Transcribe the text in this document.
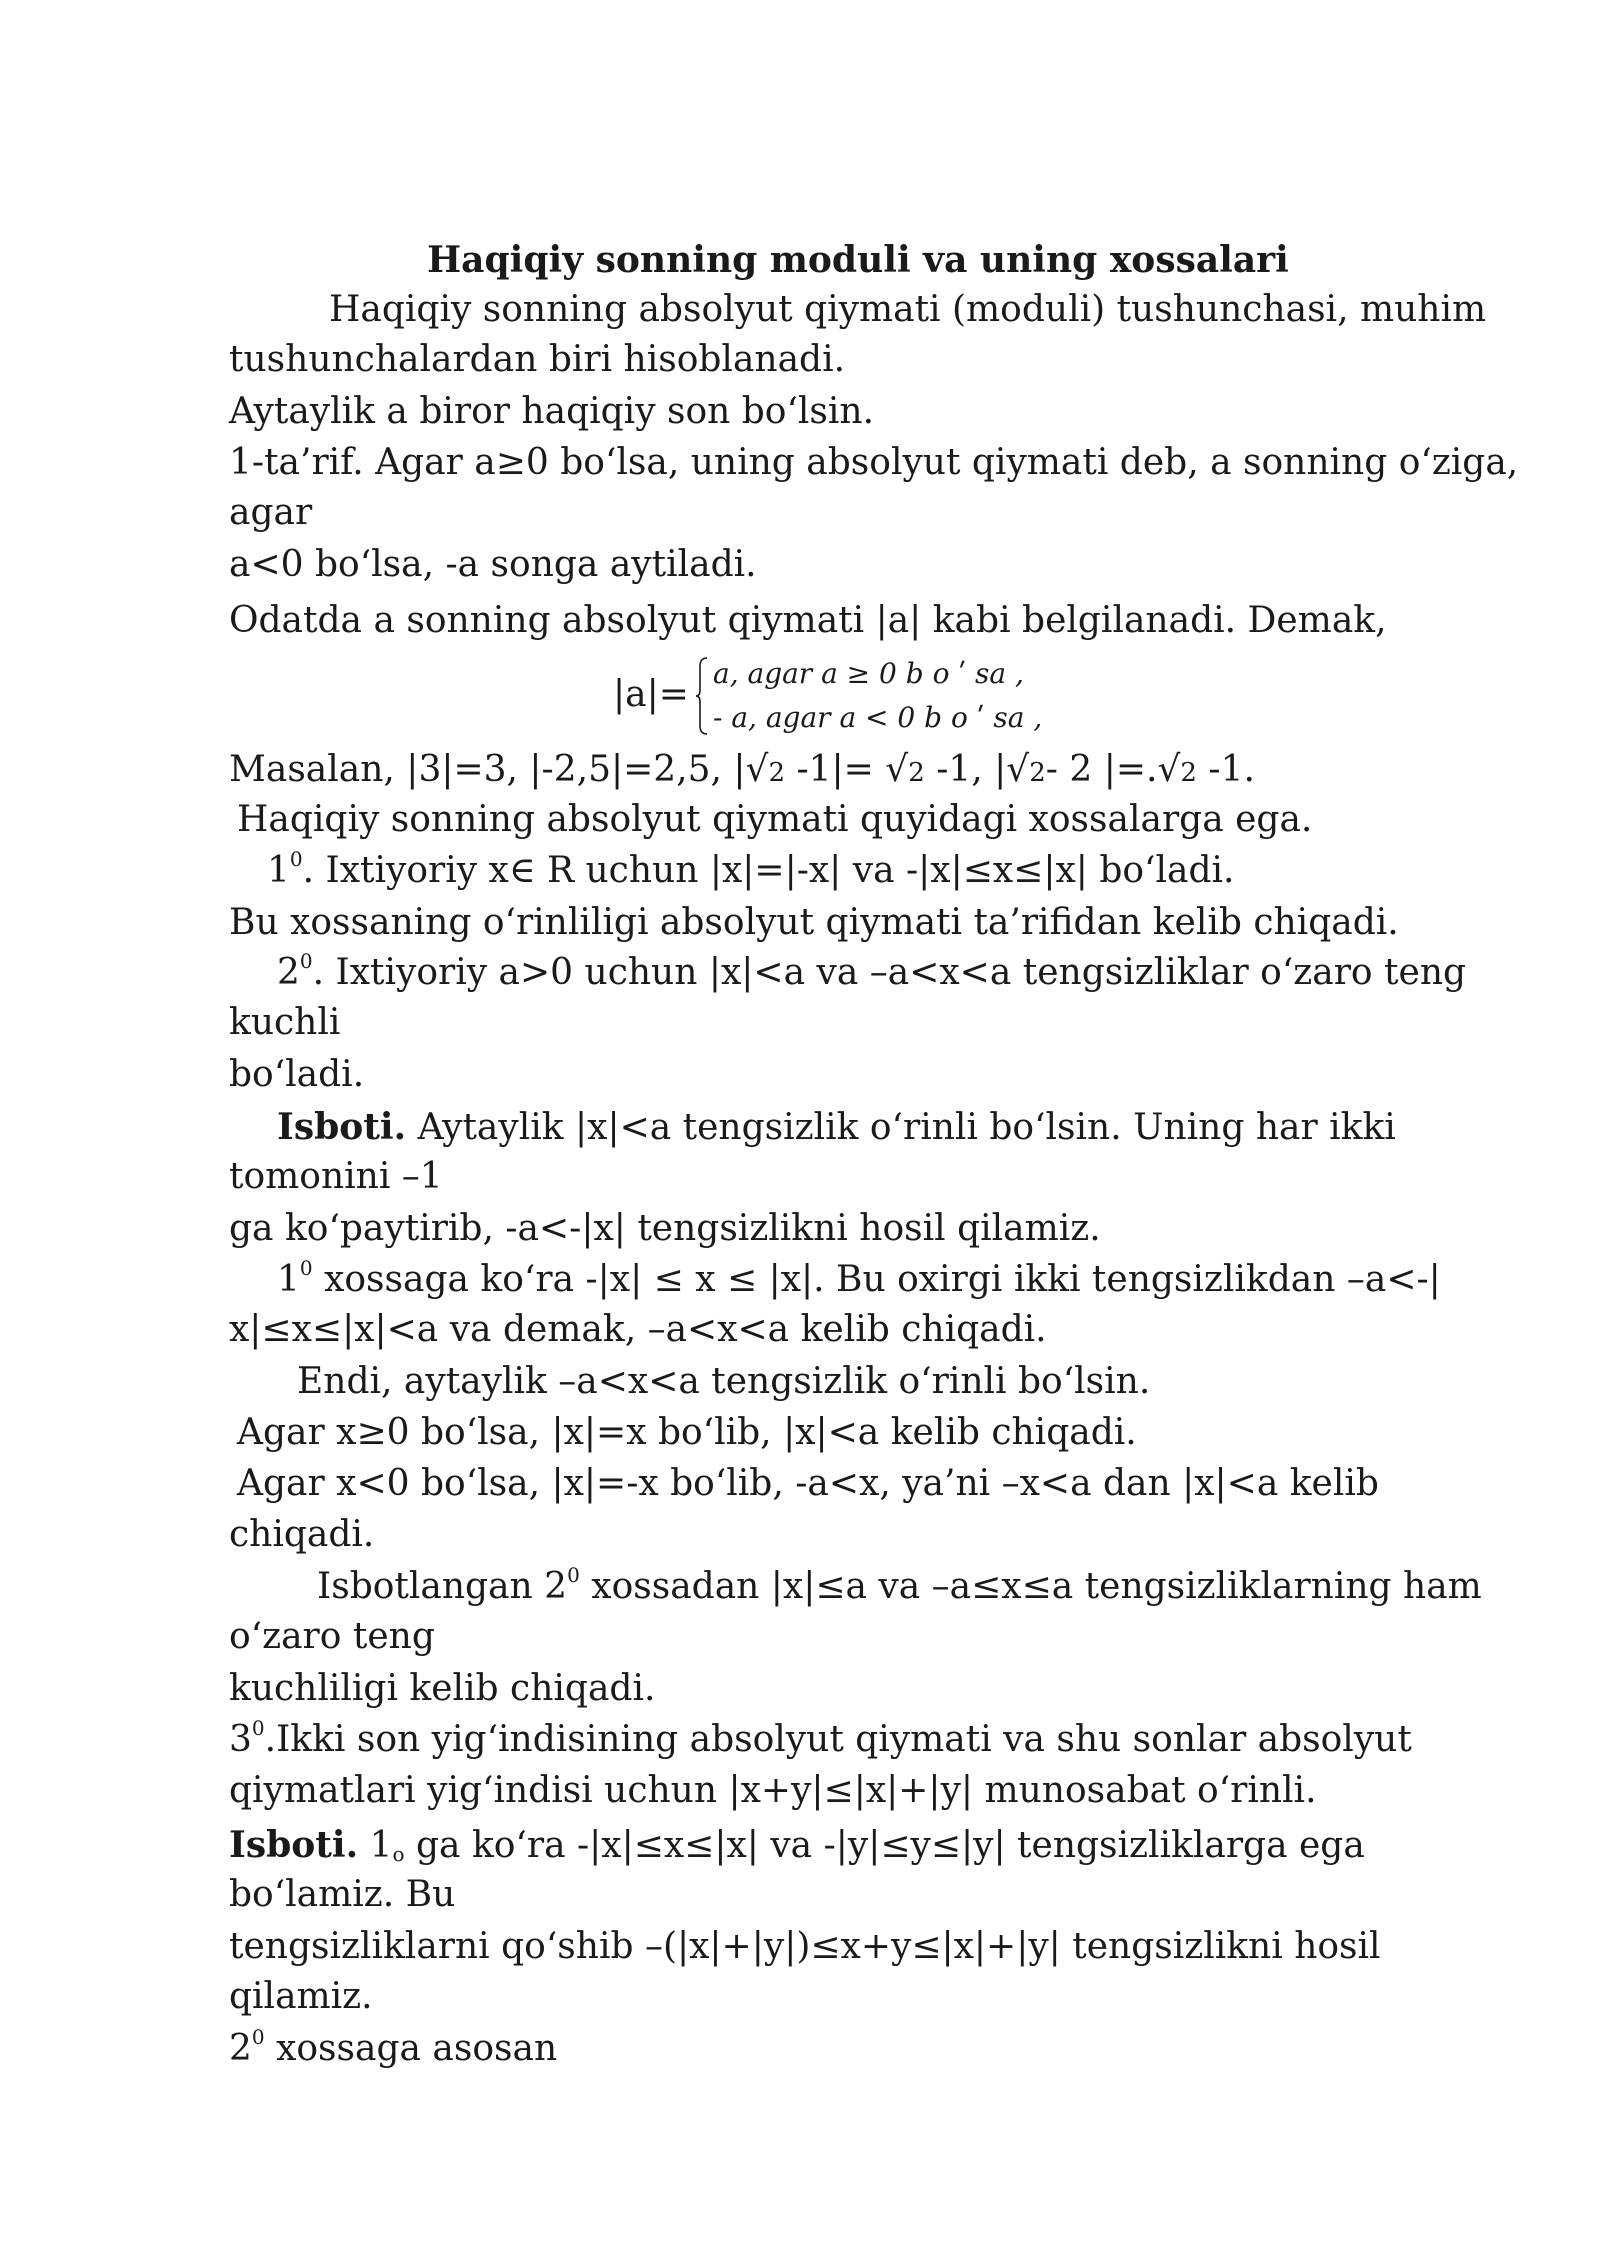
Haqiqiy sonning moduli va uning xossalari
Haqiqiy sonning absolyut qiymati (moduli) tushunchasi, muhim
tushunchalardan biri hisoblanadi.
Aytaylik a biror haqiqiy son boʻlsin.
1-ta’rif. Agar a≥0 boʻlsa, uning absolyut qiymati deb, a sonning oʻziga,
agar
a<0 boʻlsa, -a songa aytiladi.
Odatda a sonning absolyut qiymati |a| kabi belgilanadi. Demak,
|a|=
a, agar a ≥ 0 b o ʹ sa ,
- a, agar a < 0 b o ʹ sa ,
Masalan, |3|=3, |-2,5|=2,5, |√2 -1|= √2 -1, |√2- 2 |=.√2 -1.
Haqiqiy sonning absolyut qiymati quyidagi xossalarga ega.
$1^0$. Ixtiyoriy x∈ R uchun |x|=|-x| va -|x|≤x≤|x| boʻladi.
Bu xossaning oʻrinliligi absolyut qiymati ta’rifidan kelib chiqadi.
$2^0$. Ixtiyoriy a>0 uchun |x|<a va –a<x<a tengsizliklar oʻzaro teng
kuchli
boʻladi.
Isboti. Aytaylik |x|<a tengsizlik oʻrinli boʻlsin. Uning har ikki
tomonini –1
ga koʻpaytirib, -a<-|x| tengsizlikni hosil qilamiz.
$1^0$ xossaga koʻra -|x| ≤ x ≤ |x|. Bu oxirgi ikki tengsizlikdan –a<-|
x|≤x≤|x|<a va demak, –a<x<a kelib chiqadi.
Endi, aytaylik –a<x<a tengsizlik oʻrinli boʻlsin.
Agar x≥0 boʻlsa, |x|=x boʻlib, |x|<a kelib chiqadi.
Agar x<0 boʻlsa, |x|=-x boʻlib, -a<x, ya’ni –x<a dan |x|<a kelib
chiqadi.
Isbotlangan $2^0$ xossadan |x|≤a va –a≤x≤a tengsizliklarning ham
oʻzaro teng
kuchliligi kelib chiqadi.
$3^0.Ikki$ son yigʻindisining absolyut qiymati va shu sonlar absolyut
qiymatlari yigʻindisi uchun |x+y|≤|x|+|y| munosabat oʻrinli.
Isboti. $1_o$ ga koʻra -|x|≤x≤|x| va -|y|≤y≤|y| tengsizliklarga ega
boʻlamiz. Bu
tengsizliklarni qoʻshib –(|x|+|y|)≤x+y≤|x|+|y| tengsizlikni hosil
qilamiz.
$2^0$ xossaga asosan
